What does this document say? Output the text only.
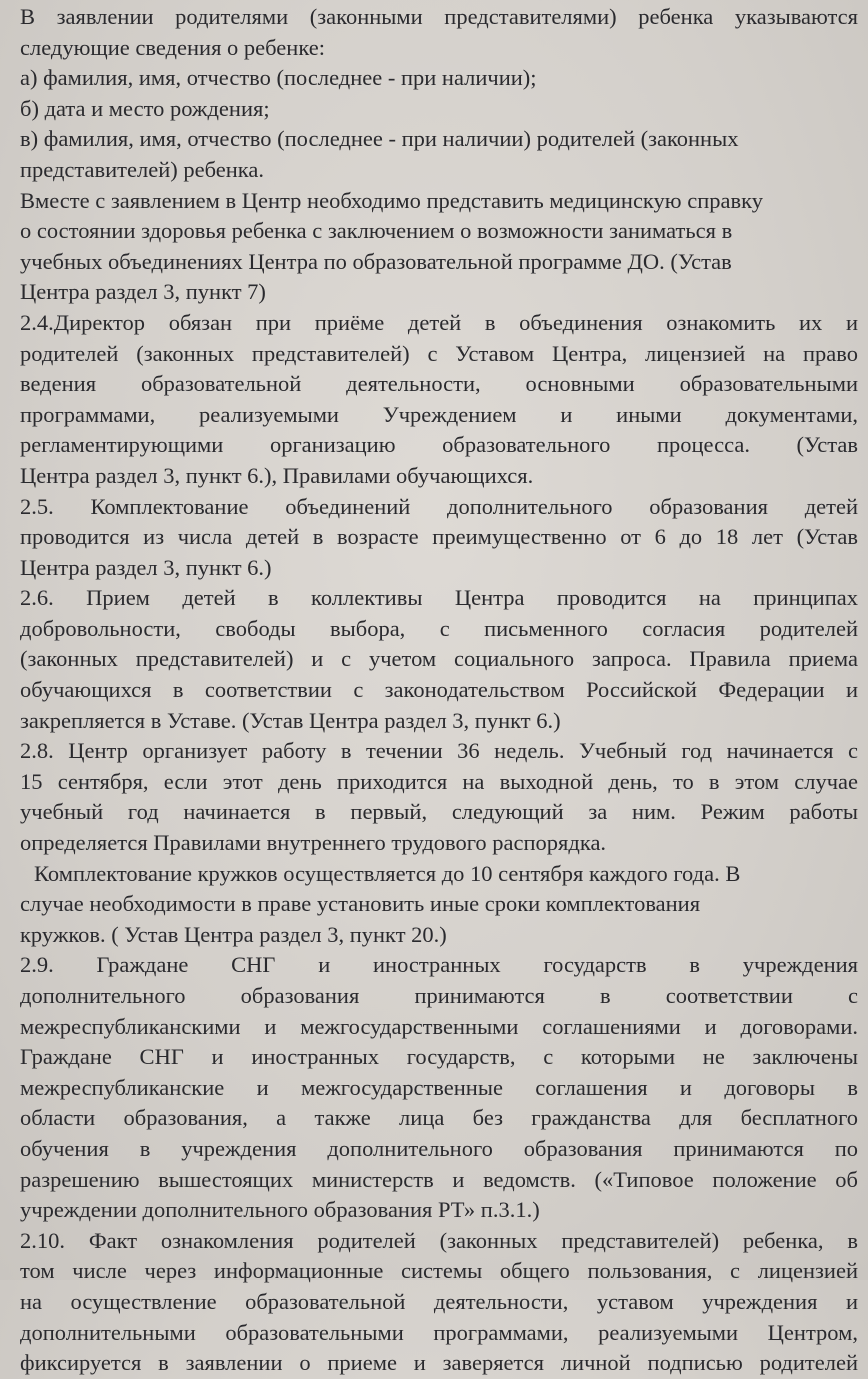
В заявлении родителями (законными представителями) ребенка указываются
следующие сведения о ребенке:
а) фамилия, имя, отчество (последнее - при наличии);
б) дата и место рождения;
в) фамилия, имя, отчество (последнее - при наличии) родителей (законных
представителей) ребенка.
Вместе с заявлением в Центр необходимо представить медицинскую справку
о состоянии здоровья ребенка с заключением о возможности заниматься в
учебных объединениях Центра по образовательной программе ДО. (Устав
Центра раздел 3, пункт 7)
2.4.Директор обязан при приёме детей в объединения ознакомить их и
родителей (законных представителей) с Уставом Центра, лицензией на право
ведения образовательной деятельности, основными образовательными
программами, реализуемыми Учреждением и иными документами,
регламентирующими организацию образовательного процесса. (Устав
Центра раздел 3, пункт 6.), Правилами обучающихся.
2.5. Комплектование объединений дополнительного образования детей
проводится из числа детей в возрасте преимущественно от 6 до 18 лет (Устав
Центра раздел 3, пункт 6.)
2.6. Прием детей в коллективы Центра проводится на принципах
добровольности, свободы выбора, с письменного согласия родителей
(законных представителей) и с учетом социального запроса. Правила приема
обучающихся в соответствии с законодательством Российской Федерации и
закрепляется в Уставе. (Устав Центра раздел 3, пункт 6.)
2.8. Центр организует работу в течении 36 недель. Учебный год начинается с
15 сентября, если этот день приходится на выходной день, то в этом случае
учебный год начинается в первый, следующий за ним. Режим работы
определяется Правилами внутреннего трудового распорядка.
Комплектование кружков осуществляется до 10 сентября каждого года. В
случае необходимости в праве установить иные сроки комплектования
кружков. ( Устав Центра раздел 3, пункт 20.)
2.9. Граждане СНГ и иностранных государств в учреждения
дополнительного образования принимаются в соответствии с
межреспубликанскими и межгосударственными соглашениями и договорами.
Граждане СНГ и иностранных государств, с которыми не заключены
межреспубликанские и межгосударственные соглашения и договоры в
области образования, а также лица без гражданства для бесплатного
обучения в учреждения дополнительного образования принимаются по
разрешению вышестоящих министерств и ведомств. («Типовое положение об
учреждении дополнительного образования РТ» п.3.1.)
2.10. Факт ознакомления родителей (законных представителей) ребенка, в
том числе через информационные системы общего пользования, с лицензией
на осуществление образовательной деятельности, уставом учреждения и
дополнительными образовательными программами, реализуемыми Центром,
фиксируется в заявлении о приеме и заверяется личной подписью родителей
